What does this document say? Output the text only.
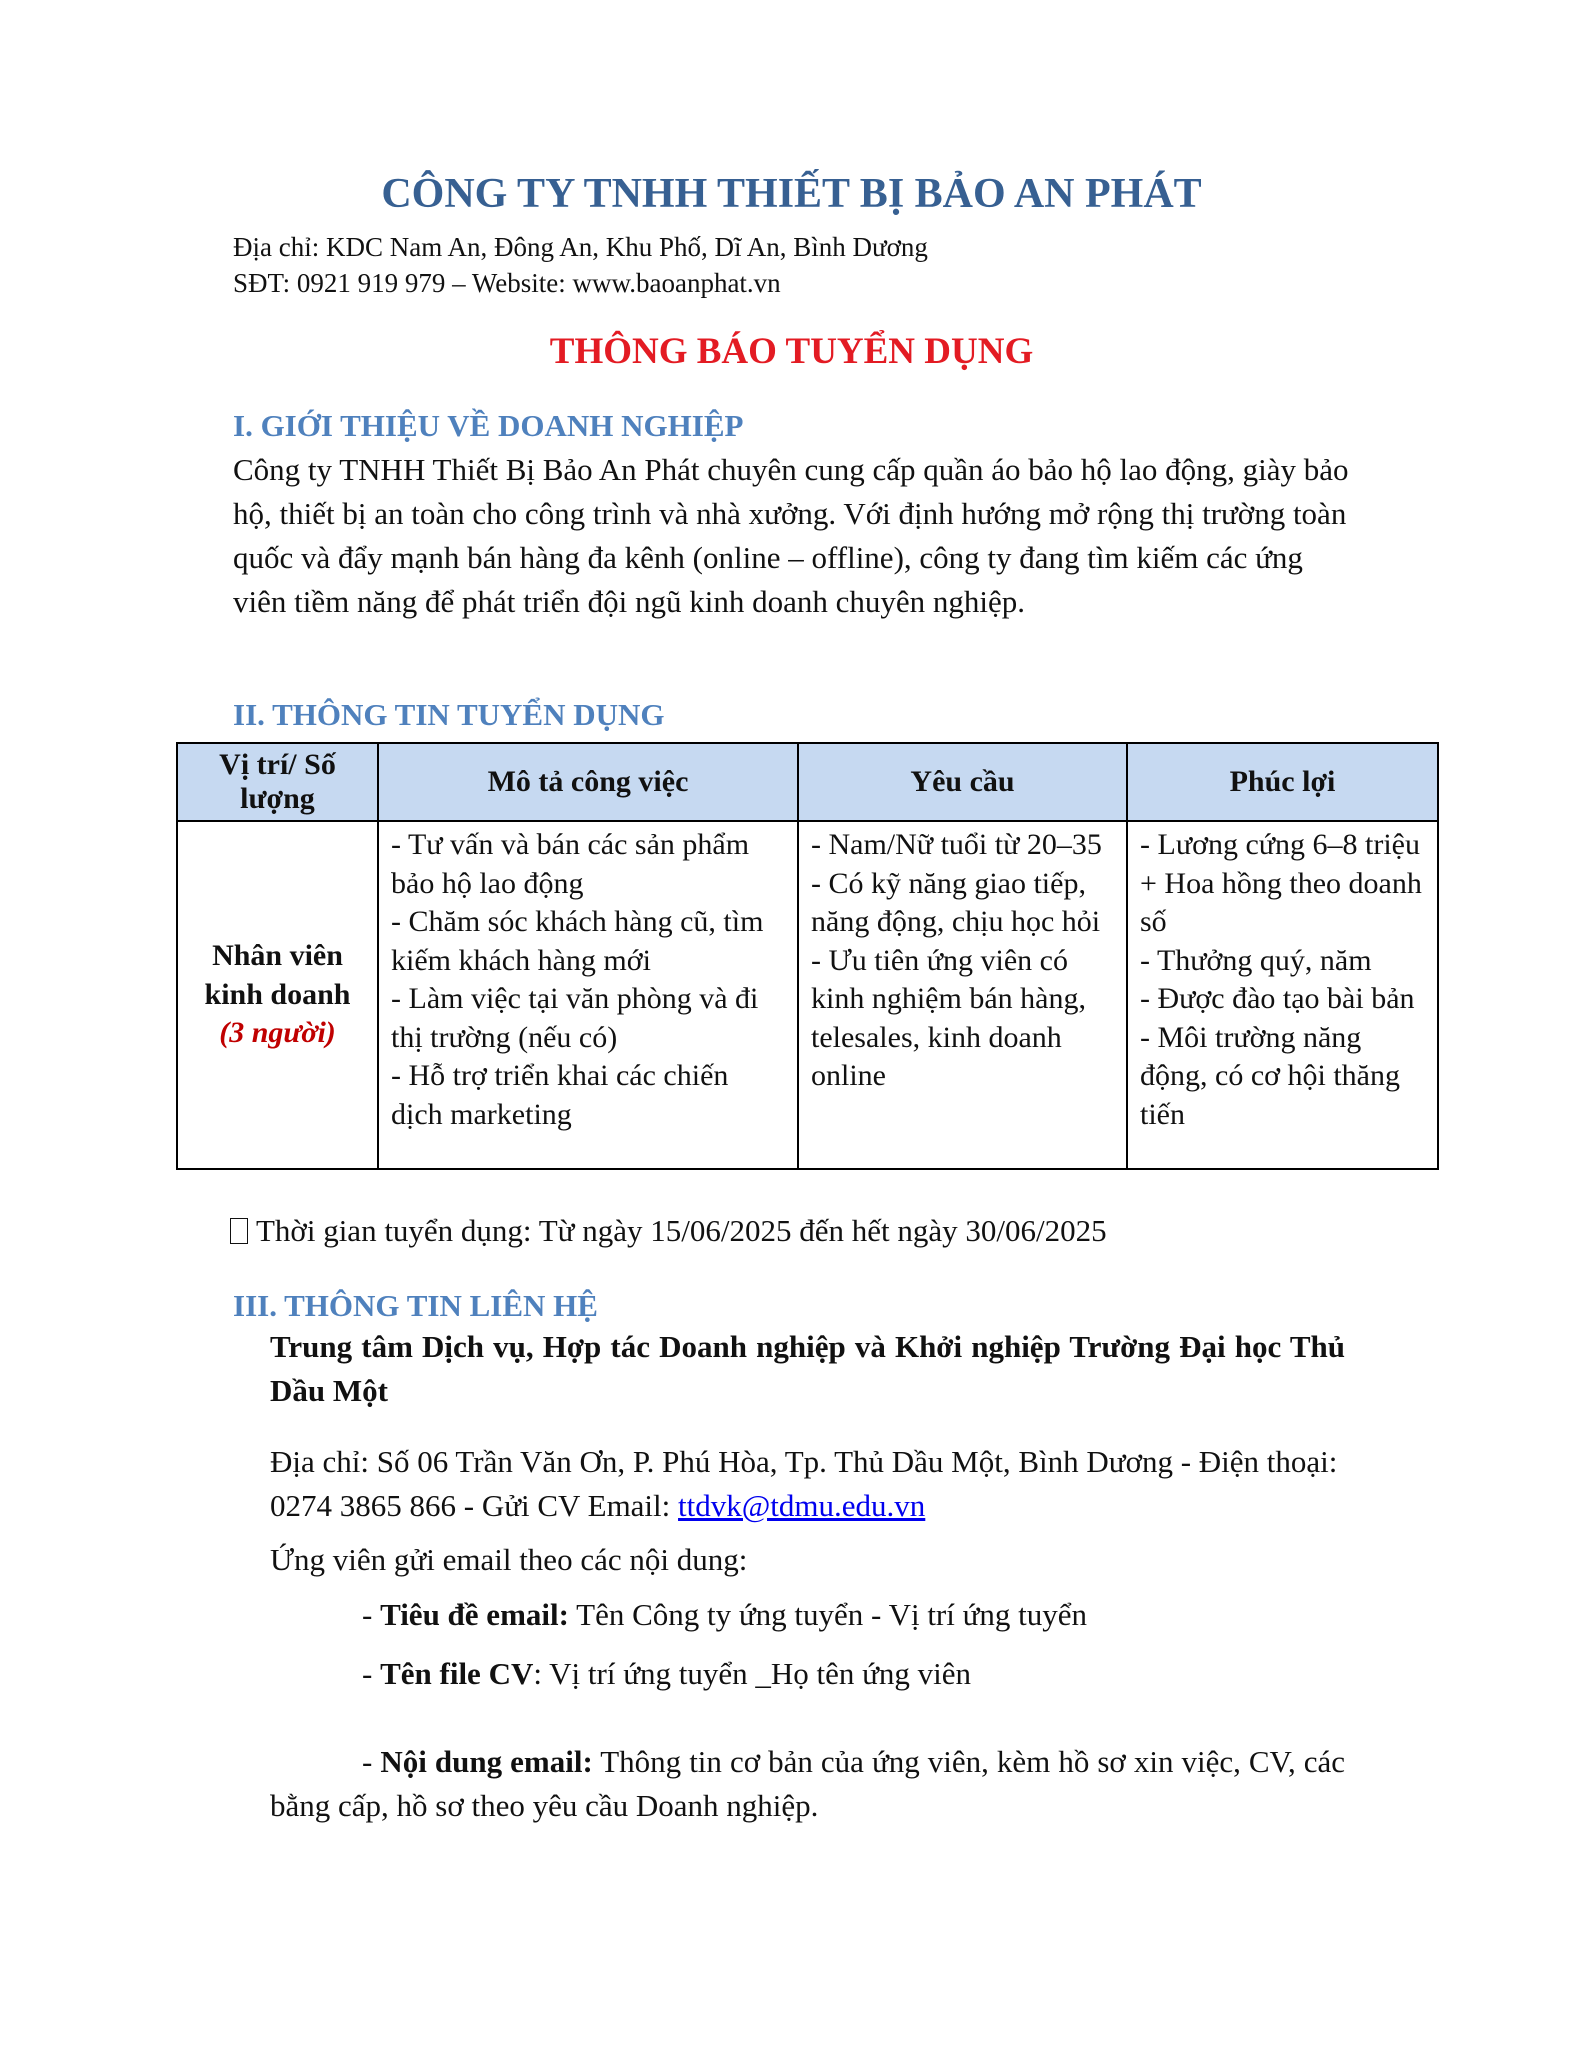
CÔNG TY TNHH THIẾT BỊ BẢO AN PHÁT

Địa chỉ: KDC Nam An, Đông An, Khu Phố, Dĩ An, Bình Dương

SĐT: 0921 919 979 – Website: www.baoanphat.vn

THÔNG BÁO TUYỂN DỤNG
I. GIỚI THIỆU VỀ DOANH NGHIỆP

Công ty TNHH Thiết Bị Bảo An Phát chuyên cung cấp quần áo bảo hộ lao động, giày bảo hộ, thiết bị an toàn cho công trình và nhà xưởng. Với định hướng mở rộng thị trường toàn quốc và đẩy mạnh bán hàng đa kênh (online – offline), công ty đang tìm kiếm các ứng viên tiềm năng để phát triển đội ngũ kinh doanh chuyên nghiệp.

II. THÔNG TIN TUYỂN DỤNG
Vị trí/ Số lượng	Mô tả công việc	Yêu cầu	Phúc lợi

Nhân viên kinh doanh
(3 người)	- Tư vấn và bán các sản phẩm bảo hộ lao động
- Chăm sóc khách hàng cũ, tìm kiếm khách hàng mới
- Làm việc tại văn phòng và đi thị trường (nếu có)
- Hỗ trợ triển khai các chiến dịch marketing	- Nam/Nữ tuổi từ 20–35
- Có kỹ năng giao tiếp, năng động, chịu học hỏi
- Ưu tiên ứng viên có kinh nghiệm bán hàng, telesales, kinh doanh online	- Lương cứng 6–8 triệu + Hoa hồng theo doanh số
- Thưởng quý, năm
- Được đào tạo bài bản
- Môi trường năng động, có cơ hội thăng tiến

Thời gian tuyển dụng: Từ ngày 15/06/2025 đến hết ngày 30/06/2025

III. THÔNG TIN LIÊN HỆ

Trung tâm Dịch vụ, Hợp tác Doanh nghiệp và Khởi nghiệp Trường Đại học Thủ Dầu Một

Địa chỉ: Số 06 Trần Văn Ơn, P. Phú Hòa, Tp. Thủ Dầu Một, Bình Dương - Điện thoại: 0274 3865 866 - Gửi CV Email: ttdvk@tdmu.edu.vn

Ứng viên gửi email theo các nội dung:

- Tiêu đề email: Tên Công ty ứng tuyển - Vị trí ứng tuyển

- Tên file CV: Vị trí ứng tuyển _Họ tên ứng viên

- Nội dung email: Thông tin cơ bản của ứng viên, kèm hồ sơ xin việc, CV, các bằng cấp, hồ sơ theo yêu cầu Doanh nghiệp.
